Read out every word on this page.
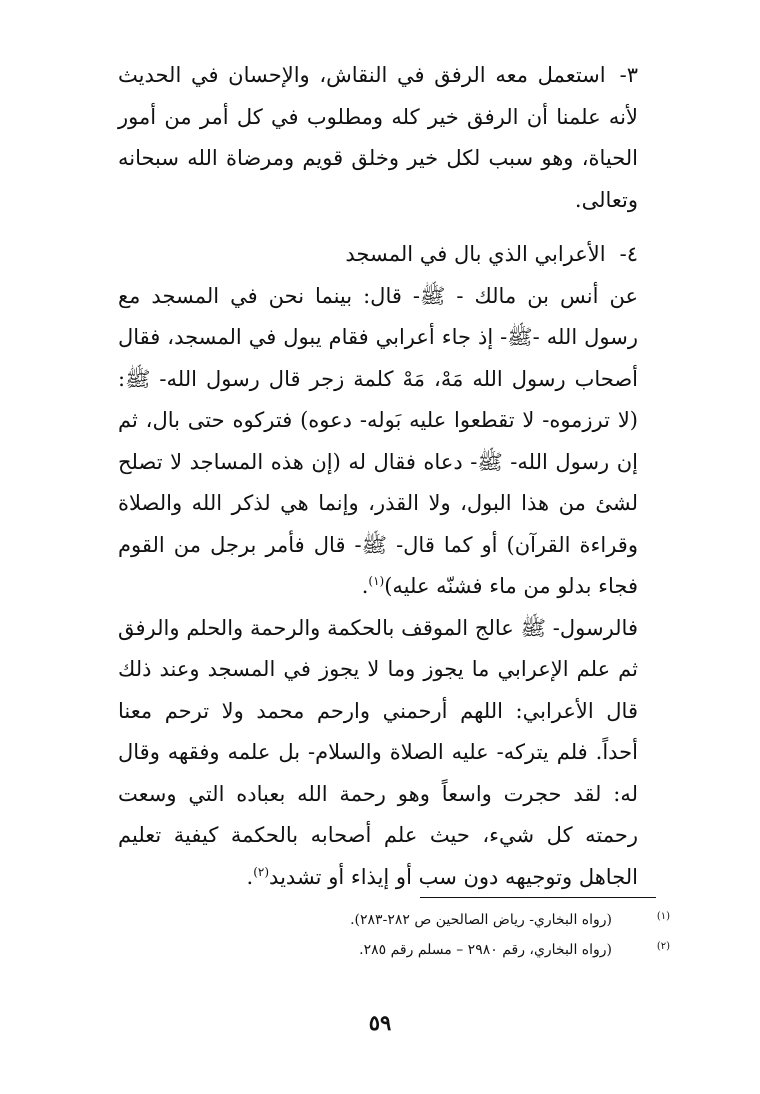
٣-استعمل معه الرفق في النقاش، والإحسان في الحديث لأنه علمنا أن الرفق خير كله ومطلوب في كل أمر من أمور الحياة، وهو سبب لكل خير وخلق قويم ومرضاة الله سبحانه وتعالى.

٤-الأعرابي الذي بال في المسجد

عن أنس بن مالك - ﷺ- قال: بينما نحن في المسجد مع رسول الله -ﷺ- إذ جاء أعرابي فقام يبول في المسجد، فقال أصحاب رسول الله مَهْ، مَهْ كلمة زجر قال رسول الله- ﷺ: (لا ترزموه- لا تقطعوا عليه بَوله- دعوه) فتركوه حتى بال، ثم إن رسول الله- ﷺ- دعاه فقال له (إن هذه المساجد لا تصلح لشئ من هذا البول، ولا القذر، وإنما هي لذكر الله والصلاة وقراءة القرآن) أو كما قال- ﷺ- قال فأمر برجل من القوم فجاء بدلو من ماء فشنّه عليه)$^{(١)}$.

فالرسول- ﷺ عالج الموقف بالحكمة والرحمة والحلم والرفق ثم علم الإعرابي ما يجوز وما لا يجوز في المسجد وعند ذلك قال الأعرابي: اللهم أرحمني وارحم محمد ولا ترحم معنا أحداً. فلم يتركه- عليه الصلاة والسلام- بل علمه وفقهه وقال له: لقد حجرت واسعاً وهو رحمة الله بعباده التي وسعت رحمته كل شيء، حيث علم أصحابه بالحكمة كيفية تعليم الجاهل وتوجيهه دون سب أو إيذاء أو تشديد$^{(٢)}$.

(١)
(رواه البخاري- رياض الصالحين ص ٢٨٢-٢٨٣).
(٢)
(رواه البخاري، رقم ٢٩٨٠ – مسلم رقم ٢٨٥.
٥٩
